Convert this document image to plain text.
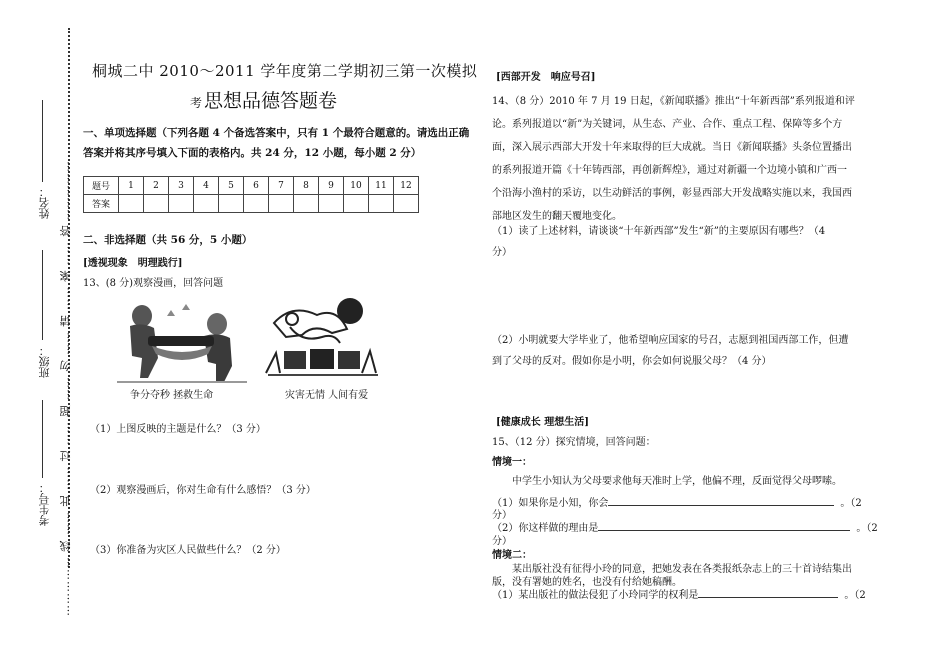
…………… 线 …… 此 …… 过 …… 超 …… 勿 …… 请 …… 案 …… 答 ……………
姓名：
班级：
考生号：
桐城二中 2010～2011 学年度第二学期初三第一次模拟
考 思想品德答题卷
一、单项选择题（下列各题 4 个备选答案中，只有 1 个最符合题意的。请选出正确
答案并将其序号填入下面的表格内。共 24 分，12 小题，每小题 2 分）
题号	1	2	3	4	5	6	7	8	9	10	11	12
答案												
二、非选择题（共 56 分，5 小题）
[透视现象　明理践行]
13、(8 分)观察漫画，回答问题
争分夺秒 拯救生命	灾害无情 人间有爱
（1）上图反映的主题是什么？（3 分）
（2）观察漫画后，你对生命有什么感悟？（3 分）
（3）你准备为灾区人民做些什么？（2 分）
[西部开发　响应号召]
14、（8 分）2010 年 7 月 19 日起，《新闻联播》推出“十年新西部”系列报道和评
论。系列报道以“新”为关键词，从生态、产业、合作、重点工程、保障等多个方
面，深入展示西部大开发十年来取得的巨大成就。当日《新闻联播》头条位置播出
的系列报道开篇《十年铸西部，再创新辉煌》，通过对新疆一个边境小镇和广西一
个沿海小渔村的采访，以生动鲜活的事例，彰显西部大开发战略实施以来，我国西
部地区发生的翻天覆地变化。
（1）读了上述材料，请谈谈“十年新西部”发生“新”的主要原因有哪些？（4
分）
（2）小明就要大学毕业了，他希望响应国家的号召，志愿到祖国西部工作，但遭
到了父母的反对。假如你是小明，你会如何说服父母？（4 分）
[健康成长 理想生活]
15、（12 分）探究情境，回答问题：
情境一：
中学生小知认为父母要求他每天准时上学，他偏不理，反面觉得父母啰嗦。
（1）如果你是小知，你会	。（2
分）
（2）你这样做的理由是	。（2
分）
情境二：
某出版社没有征得小玲的同意，把她发表在各类报纸杂志上的三十首诗结集出
版，没有署她的姓名，也没有付给她稿酬。
（1）某出版社的做法侵犯了小玲同学的权利是	。（2
